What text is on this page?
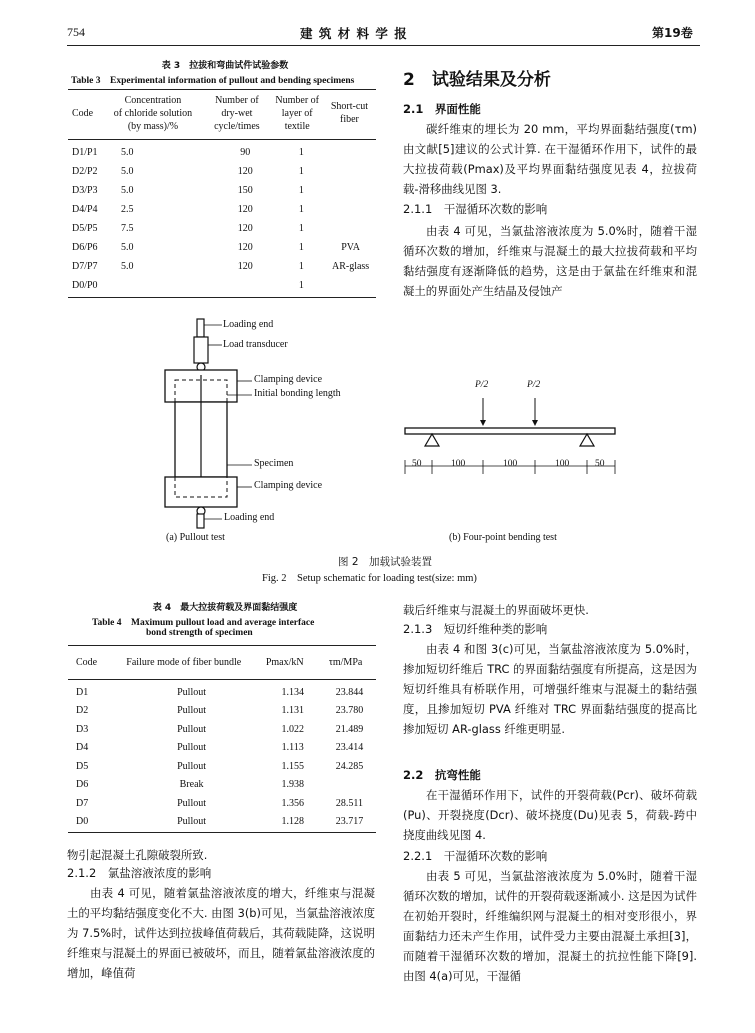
754	建 筑 材 料 学 报	第19卷
表 3　拉拔和弯曲试件试验参数
Table 3　Experimental information of pullout and bending specimens
Code	Concentration
of chloride solution
(by mass)/%	Number of
dry-wet
cycle/times	Number of
layer of
textile	Short-cut
fiber
D1/P1	5.0	90	1	
D2/P2	5.0	120	1	
D3/P3	5.0	150	1	
D4/P4	2.5	120	1	
D5/P5	7.5	120	1	
D6/P6	5.0	120	1	PVA
D7/P7	5.0	120	1	AR-glass
D0/P0			1	
2　试验结果及分析
2.1　界面性能

碳纤维束的埋长为 20 mm，平均界面黏结强度(τm)由文献[5]建议的公式计算. 在干湿循环作用下，试件的最大拉拔荷载(Pmax)及平均界面黏结强度见表 4，拉拔荷载-滑移曲线见图 3.

2.1.1　干湿循环次数的影响

由表 4 可见，当氯盐溶液浓度为 5.0%时，随着干湿循环次数的增加，纤维束与混凝土的最大拉拔荷载和平均黏结强度有逐渐降低的趋势，这是由于氯盐在纤维束和混凝土的界面处产生结晶及侵蚀产

Loading end
Load transducer
Clamping device
Initial bonding length
Specimen
Clamping device
Loading end
P/2	P/2
50	100	100	100	50
(a) Pullout test	(b) Four-point bending test
图 2　加载试验装置
Fig. 2　Setup schematic for loading test(size: mm)
表 4　最大拉拔荷载及界面黏结强度
Table 4　Maximum pullout load and average interface
bond strength of specimen
Code	Failure mode of fiber bundle	Pmax/kN	τm/MPa
D1	Pullout	1.134	23.844
D2	Pullout	1.131	23.780
D3	Pullout	1.022	21.489
D4	Pullout	1.113	23.414
D5	Pullout	1.155	24.285
D6	Break	1.938	
D7	Pullout	1.356	28.511
D0	Pullout	1.128	23.717
物引起混凝土孔隙破裂所致.
2.1.2　氯盐溶液浓度的影响

由表 4 可见，随着氯盐溶液浓度的增大，纤维束与混凝土的平均黏结强度变化不大. 由图 3(b)可见，当氯盐溶液浓度为 7.5%时，试件达到拉拔峰值荷载后，其荷载陡降，这说明纤维束与混凝土的界面已被破坏，而且，随着氯盐溶液浓度的增加，峰值荷

载后纤维束与混凝土的界面破坏更快.
2.1.3　短切纤维种类的影响

由表 4 和图 3(c)可见，当氯盐溶液浓度为 5.0%时，掺加短切纤维后 TRC 的界面黏结强度有所提高，这是因为短切纤维具有桥联作用，可增强纤维束与混凝土的黏结强度，且掺加短切 PVA 纤维对 TRC 界面黏结强度的提高比掺加短切 AR-glass 纤维更明显.

2.2　抗弯性能

在干湿循环作用下，试件的开裂荷载(Pcr)、破坏荷载(Pu)、开裂挠度(Dcr)、破坏挠度(Du)见表 5，荷载-跨中挠度曲线见图 4.

2.2.1　干湿循环次数的影响

由表 5 可见，当氯盐溶液浓度为 5.0%时，随着干湿循环次数的增加，试件的开裂荷载逐渐减小. 这是因为试件在初始开裂时，纤维编织网与混凝土的相对变形很小，界面黏结力还未产生作用，试件受力主要由混凝土承担[3]，而随着干湿循环次数的增加，混凝土的抗拉性能下降[9]. 由图 4(a)可见，干湿循
